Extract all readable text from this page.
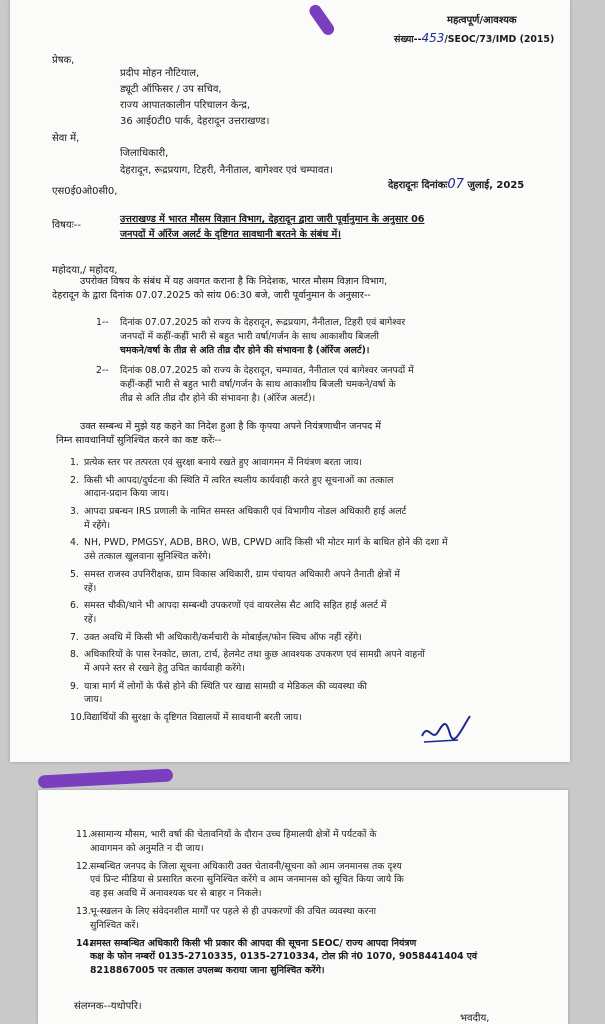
महत्वपूर्ण/आवश्यक
संख्या--453/SEOC/73/IMD (2015)
प्रेषक,
प्रदीप मोहन नौटियाल,
ड्यूटी ऑफिसर / उप सचिव,
राज्य आपातकालीन परिचालन केन्द्र,
36 आई0टी0 पार्क, देहरादून उत्तराखण्ड।
सेवा में,
जिलाधिकारी,
देहरादून, रूद्रप्रयाग, टिहरी, नैनीताल, बागेश्वर एवं चम्पावत।
एस0ई0ओ0सी0,
देहरादूनः दिनांकः07 जुलाई, 2025
विषयः--
उत्तराखण्ड में भारत मौसम विज्ञान विभाग, देहरादून द्वारा जारी पूर्वानुमान के अनुसार 06
जनपदों में ऑरेंज अलर्ट के दृष्टिगत सावधानी बरतने के संबंध में।
महोदया,/ महोदय,
उपरोक्त विषय के संबंध में यह अवगत कराना है कि निदेशक, भारत मौसम विज्ञान विभाग,
देहरादून के द्वारा दिनांक 07.07.2025 को सांय 06:30 बजे, जारी पूर्वानुमान के अनुसार--
1-- दिनांक 07.07.2025 को राज्य के देहरादून, रूद्रप्रयाग, नैनीताल, टिहरी एवं बागेश्वर
जनपदों में कहीं-कहीं भारी से बहुत भारी वर्षा/गर्जन के साथ आकाशीय बिजली
चमकने/वर्षा के तीव्र से अति तीव्र दौर होने की संभावना है (ऑरेंज अलर्ट)।
2-- दिनांक 08.07.2025 को राज्य के देहरादून, चम्पावत, नैनीताल एवं बागेश्वर जनपदों में
कहीं-कहीं भारी से बहुत भारी वर्षा/गर्जन के साथ आकाशीय बिजली चमकने/वर्षा के
तीव्र से अति तीव्र दौर होने की संभावना है। (ऑरेंज अलर्ट)।
उक्त सम्बन्ध में मुझे यह कहने का निदेश हुआ है कि कृपया अपने नियंत्रणाधीन जनपद में
निम्न सावधानियाँ सुनिश्चित करने का कष्ट करेंः--
1. प्रत्येक स्तर पर तत्परता एवं सुरक्षा बनाये रखते हुए आवागमन में नियंत्रण बरता जाय।
2. किसी भी आपदा/दुर्घटना की स्थिति में त्वरित स्थलीय कार्यवाही करते हुए सूचनाओं का तत्काल
आदान-प्रदान किया जाय।
3. आपदा प्रबन्धन IRS प्रणाली के नामित समस्त अधिकारी एवं विभागीय नोडल अधिकारी हाई अलर्ट
में रहेंगे।
4. NH, PWD, PMGSY, ADB, BRO, WB, CPWD आदि किसी भी मोटर मार्ग के बाधित होने की दशा में
उसे तत्काल खुलवाना सुनिश्चित करेंगे।
5. समस्त राजस्व उपनिरीक्षक, ग्राम विकास अधिकारी, ग्राम पंचायत अधिकारी अपने तैनाती क्षेत्रों में
रहें।
6. समस्त चौकी/थाने भी आपदा सम्बन्धी उपकरणों एवं वायरलेस सैट आदि सहित हाई अलर्ट में
रहें।
7. उक्त अवधि में किसी भी अधिकारी/कर्मचारी के मोबाईल/फोन स्विच ऑफ नहीं रहेंगे।
8. अधिकारियों के पास रेनकोट, छाता, टार्च, हेलमेट तथा कुछ आवश्यक उपकरण एवं सामग्री अपने वाहनों
में अपने स्तर से रखने हेतु उचित कार्यवाही करेंगे।
9. यात्रा मार्ग में लोगों के फँसे होने की स्थिति पर खाद्य सामग्री व मेडिकल की व्यवस्था की
जाय।
10. विद्यार्थियों की सुरक्षा के दृष्टिगत विद्यालयों में सावधानी बरती जाय।
11. असामान्य मौसम, भारी वर्षा की चेतावनियों के दौरान उच्च हिमालयी क्षेत्रों में पर्यटकों के
आवागमन को अनुमति न दी जाय।
12. सम्बन्धित जनपद के जिला सूचना अधिकारी उक्त चेतावनी/सूचना को आम जनमानस तक दृश्य
एवं प्रिन्ट मीडिया से प्रसारित करना सुनिश्चित करेंगे व आम जनमानस को सूचित किया जाये कि
वह इस अवधि में अनावश्यक घर से बाहर न निकले।
13. भू-स्खलन के लिए संवेदनशील मार्गों पर पहले से ही उपकरणों की उचित व्यवस्था करना
सुनिश्चित करें।
14.
समस्त सम्बन्धित अधिकारी किसी भी प्रकार की आपदा की सूचना SEOC/ राज्य आपदा नियंत्रण
कक्ष के फोन नम्बरों 0135-2710335, 0135-2710334, टोल फ्री नं0 1070, 9058441404 एवं
8218867005 पर तत्काल उपलब्ध कराया जाना सुनिश्चित करेंगे।
संलग्नक--यथोपरि।
भवदीय,
